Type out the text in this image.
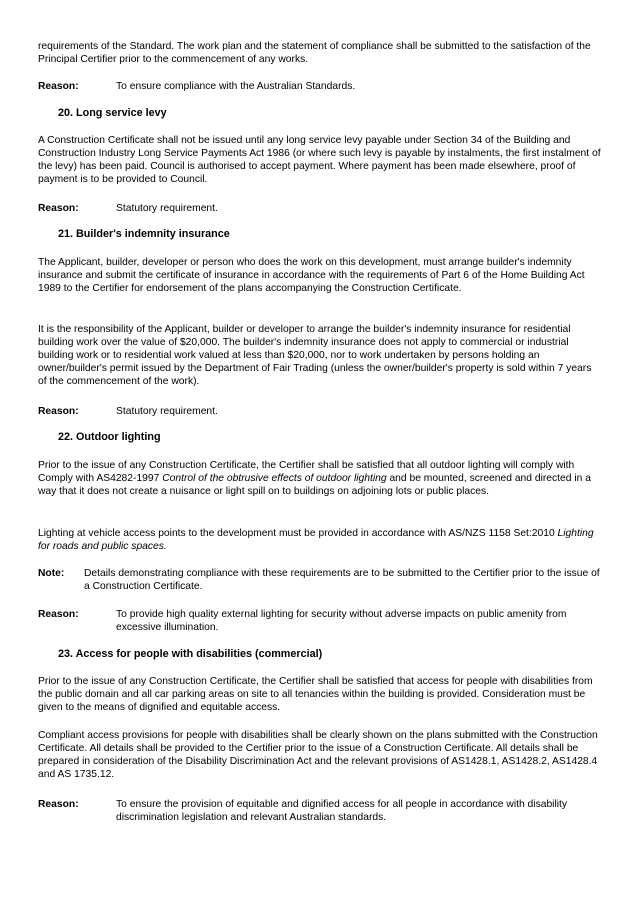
requirements of the Standard. The work plan and the statement of compliance shall be submitted to the satisfaction of the Principal Certifier prior to the commencement of any works.

Reason:	To ensure compliance with the Australian Standards.
20. Long service levy

A Construction Certificate shall not be issued until any long service levy payable under Section 34 of the Building and Construction Industry Long Service Payments Act 1986 (or where such levy is payable by instalments, the first instalment of the levy) has been paid. Council is authorised to accept payment. Where payment has been made elsewhere, proof of payment is to be provided to Council.

Reason:	Statutory requirement.
21. Builder's indemnity insurance

The Applicant, builder, developer or person who does the work on this development, must arrange builder's indemnity insurance and submit the certificate of insurance in accordance with the requirements of Part 6 of the Home Building Act 1989 to the Certifier for endorsement of the plans accompanying the Construction Certificate.

It is the responsibility of the Applicant, builder or developer to arrange the builder's indemnity insurance for residential building work over the value of $20,000. The builder's indemnity insurance does not apply to commercial or industrial building work or to residential work valued at less than $20,000, nor to work undertaken by persons holding an owner/builder's permit issued by the Department of Fair Trading (unless the owner/builder's property is sold within 7 years of the commencement of the work).

Reason:	Statutory requirement.
22. Outdoor lighting

Prior to the issue of any Construction Certificate, the Certifier shall be satisfied that all outdoor lighting will comply with Comply with AS4282-1997 Control of the obtrusive effects of outdoor lighting and be mounted, screened and directed in a way that it does not create a nuisance or light spill on to buildings on adjoining lots or public places.

Lighting at vehicle access points to the development must be provided in accordance with AS/NZS 1158 Set:2010 Lighting for roads and public spaces.

Note:	Details demonstrating compliance with these requirements are to be submitted to the Certifier prior to the issue of a Construction Certificate.
Reason:	To provide high quality external lighting for security without adverse impacts on public amenity from excessive illumination.
23. Access for people with disabilities (commercial)

Prior to the issue of any Construction Certificate, the Certifier shall be satisfied that access for people with disabilities from the public domain and all car parking areas on site to all tenancies within the building is provided. Consideration must be given to the means of dignified and equitable access.

Compliant access provisions for people with disabilities shall be clearly shown on the plans submitted with the Construction Certificate. All details shall be provided to the Certifier prior to the issue of a Construction Certificate. All details shall be prepared in consideration of the Disability Discrimination Act and the relevant provisions of AS1428.1, AS1428.2, AS1428.4 and AS 1735.12.

Reason:	To ensure the provision of equitable and dignified access for all people in accordance with disability discrimination legislation and relevant Australian standards.
